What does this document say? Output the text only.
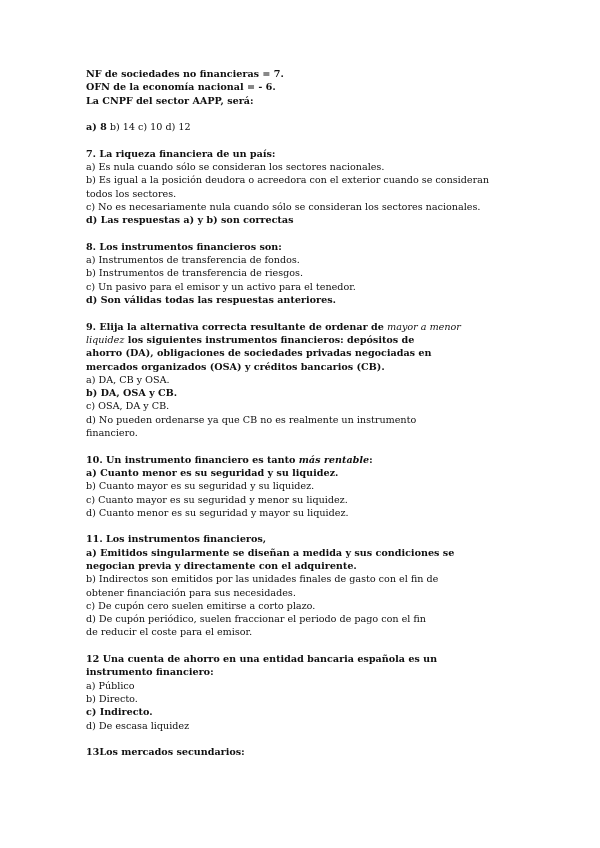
NF de sociedades no financieras = 7.
OFN de la economía nacional = - 6.
La CNPF del sector AAPP, será:
a) 8 b) 14 c) 10 d) 12
7. La riqueza financiera de un país:
a) Es nula cuando sólo se consideran los sectores nacionales.
b) Es igual a la posición deudora o acreedora con el exterior cuando se consideran
todos los sectores.
c) No es necesariamente nula cuando sólo se consideran los sectores nacionales.
d) Las respuestas a) y b) son correctas
8. Los instrumentos financieros son:
a) Instrumentos de transferencia de fondos.
b) Instrumentos de transferencia de riesgos.
c) Un pasivo para el emisor y un activo para el tenedor.
d) Son válidas todas las respuestas anteriores.
9. Elija la alternativa correcta resultante de ordenar de mayor a menor
liquidez los siguientes instrumentos financieros: depósitos de
ahorro (DA), obligaciones de sociedades privadas negociadas en
mercados organizados (OSA) y créditos bancarios (CB).
a) DA, CB y OSA.
b) DA, OSA y CB.
c) OSA, DA y CB.
d) No pueden ordenarse ya que CB no es realmente un instrumento
financiero.
10. Un instrumento financiero es tanto más rentable:
a) Cuanto menor es su seguridad y su liquidez.
b) Cuanto mayor es su seguridad y su liquidez.
c) Cuanto mayor es su seguridad y menor su liquidez.
d) Cuanto menor es su seguridad y mayor su liquidez.
11. Los instrumentos financieros,
a) Emitidos singularmente se diseñan a medida y sus condiciones se
negocian previa y directamente con el adquirente.
b) Indirectos son emitidos por las unidades finales de gasto con el fin de
obtener financiación para sus necesidades.
c) De cupón cero suelen emitirse a corto plazo.
d) De cupón periódico, suelen fraccionar el periodo de pago con el fin
de reducir el coste para el emisor.
12 Una cuenta de ahorro en una entidad bancaria española es un
instrumento financiero:
a) Público
b) Directo.
c) Indirecto.
d) De escasa liquidez
13Los mercados secundarios:
